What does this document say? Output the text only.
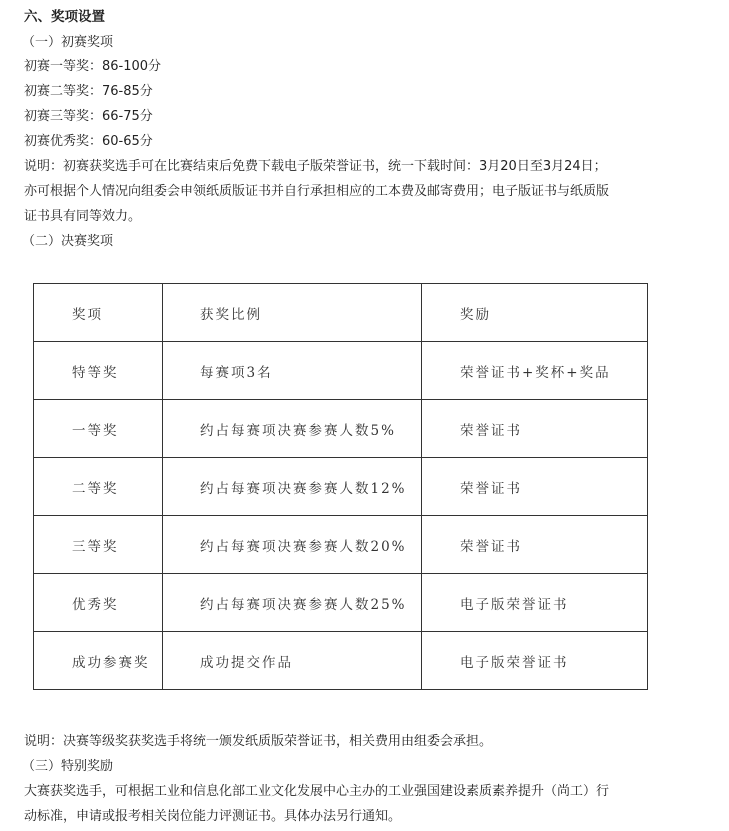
六、奖项设置
（一）初赛奖项
初赛一等奖：86-100分
初赛二等奖：76-85分
初赛三等奖：66-75分
初赛优秀奖：60-65分
说明：初赛获奖选手可在比赛结束后免费下载电子版荣誉证书，统一下载时间：3月20日至3月24日；
亦可根据个人情况向组委会申领纸质版证书并自行承担相应的工本费及邮寄费用；电子版证书与纸质版
证书具有同等效力。
（二）决赛奖项
奖项	获奖比例	奖励
特等奖	每赛项3名	荣誉证书+奖杯+奖品
一等奖	约占每赛项决赛参赛人数5%	荣誉证书
二等奖	约占每赛项决赛参赛人数12%	荣誉证书
三等奖	约占每赛项决赛参赛人数20%	荣誉证书
优秀奖	约占每赛项决赛参赛人数25%	电子版荣誉证书
成功参赛奖	成功提交作品	电子版荣誉证书
说明：决赛等级奖获奖选手将统一颁发纸质版荣誉证书，相关费用由组委会承担。
（三）特别奖励
大赛获奖选手，可根据工业和信息化部工业文化发展中心主办的工业强国建设素质素养提升（尚工）行
动标准，申请或报考相关岗位能力评测证书。具体办法另行通知。
